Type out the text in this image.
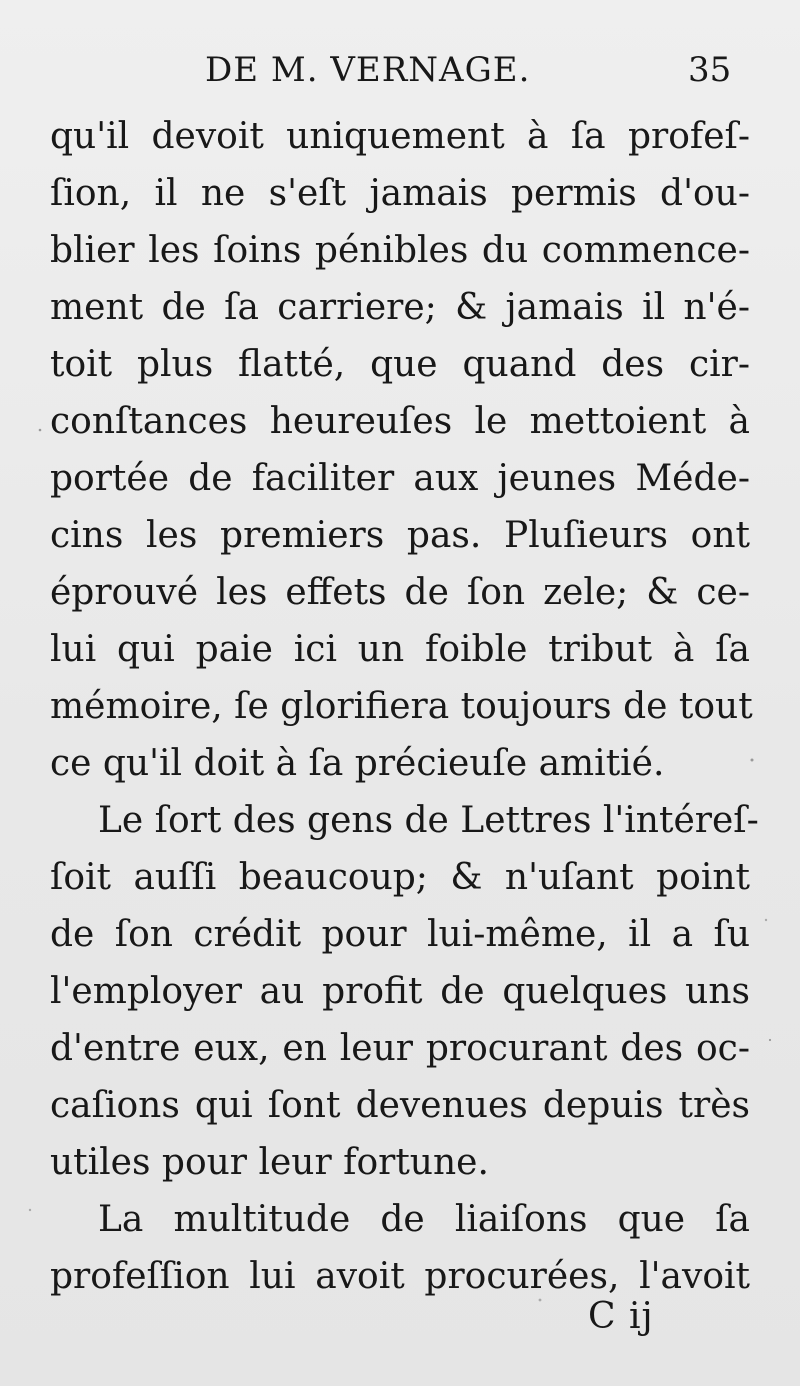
DE M. VERNAGE.	35
qu'il devoit uniquement à ſa profeſ-
ſion, il ne s'eſt jamais permis d'ou-
blier les ſoins pénibles du commence-
ment de ſa carriere; & jamais il n'é-
toit plus flatté, que quand des cir-
conſtances heureuſes le mettoient à
portée de faciliter aux jeunes Méde-
cins les premiers pas. Pluſieurs ont
éprouvé les effets de ſon zele; & ce-
lui qui paie ici un foible tribut à ſa
mémoire, ſe glorifiera toujours de tout
ce qu'il doit à ſa précieuſe amitié.
Le ſort des gens de Lettres l'intéreſ-
ſoit auſſi beaucoup; & n'uſant point
de ſon crédit pour lui-même, il a ſu
l'employer au profit de quelques uns
d'entre eux, en leur procurant des oc-
caſions qui ſont devenues depuis très
utiles pour leur fortune.
La multitude de liaiſons que ſa
profeſſion lui avoit procurées, l'avoit
C ij
